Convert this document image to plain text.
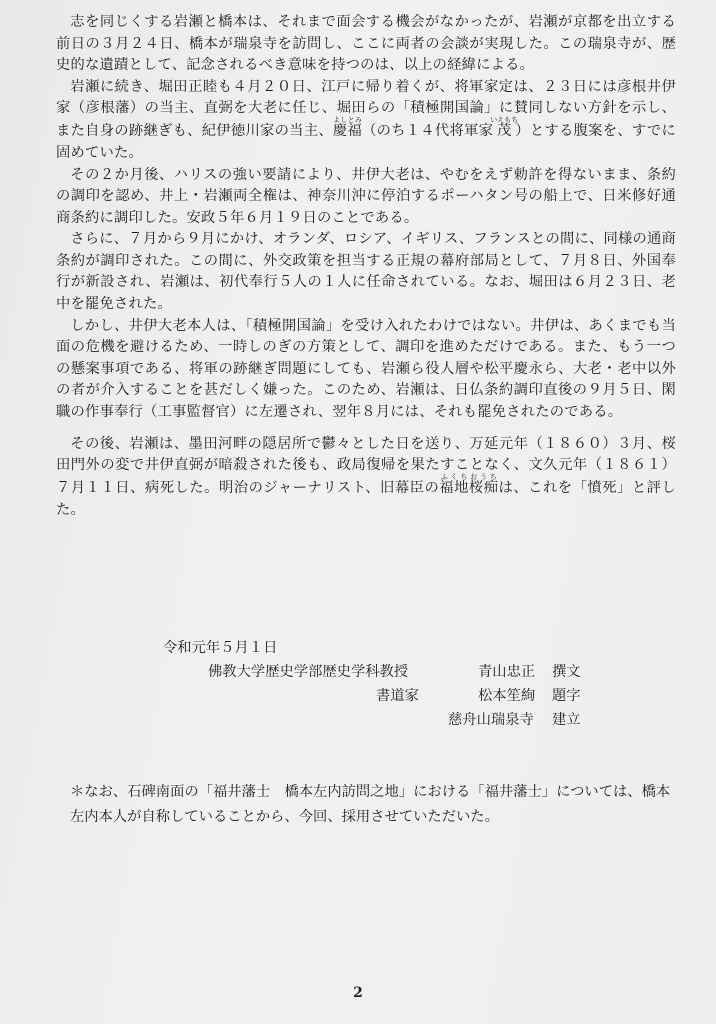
志を同じくする岩瀬と橋本は、それまで面会する機会がなかったが、岩瀬が京都を出立する前日の３月２４日、橋本が瑞泉寺を訪問し、ここに両者の会談が実現した。この瑞泉寺が、歴史的な遺蹟として、記念されるべき意味を持つのは、以上の経緯による。

岩瀬に続き、堀田正睦も４月２０日、江戸に帰り着くが、将軍家定は、２３日には彦根井伊家（彦根藩）の当主、直弼を大老に任じ、堀田らの「積極開国論」に賛同しない方針を示し、また自身の跡継ぎも、紀伊徳川家の当主、慶福よしとみ（のち１４代将軍家茂いえもち）とする腹案を、すでに固めていた。

その２か月後、ハリスの強い要請により、井伊大老は、やむをえず勅許を得ないまま、条約の調印を認め、井上・岩瀬両全権は、神奈川沖に停泊するポーハタン号の船上で、日米修好通商条約に調印した。安政５年６月１９日のことである。

さらに、７月から９月にかけ、オランダ、ロシア、イギリス、フランスとの間に、同様の通商条約が調印された。この間に、外交政策を担当する正規の幕府部局として、７月８日、外国奉行が新設され、岩瀬は、初代奉行５人の１人に任命されている。なお、堀田は６月２３日、老中を罷免された。

しかし、井伊大老本人は、「積極開国論」を受け入れたわけではない。井伊は、あくまでも当面の危機を避けるため、一時しのぎの方策として、調印を進めただけである。また、もう一つの懸案事項である、将軍の跡継ぎ問題にしても、岩瀬ら役人層や松平慶永ら、大老・老中以外の者が介入することを甚だしく嫌った。このため、岩瀬は、日仏条約調印直後の９月５日、閑職の作事奉行（工事監督官）に左遷され、翌年８月には、それも罷免されたのである。

その後、岩瀬は、墨田河畔の隠居所で鬱々とした日を送り、万延元年（１８６０）３月、桜田門外の変で井伊直弼が暗殺された後も、政局復帰を果たすことなく、文久元年（１８６１）７月１１日、病死した。明治のジャーナリスト、旧幕臣の福地桜痴ふくちおうちは、これを「憤死」と評した。

令和元年５月１日
佛教大学歴史学部歴史学科教授	青山忠正 撰文
書道家	松本笙絢 題字
慈舟山瑞泉寺 建立
＊なお、石碑南面の「福井藩士　橋本左内訪問之地」における「福井藩士」については、橋本左内本人が自称していることから、今回、採用させていただいた。
2
